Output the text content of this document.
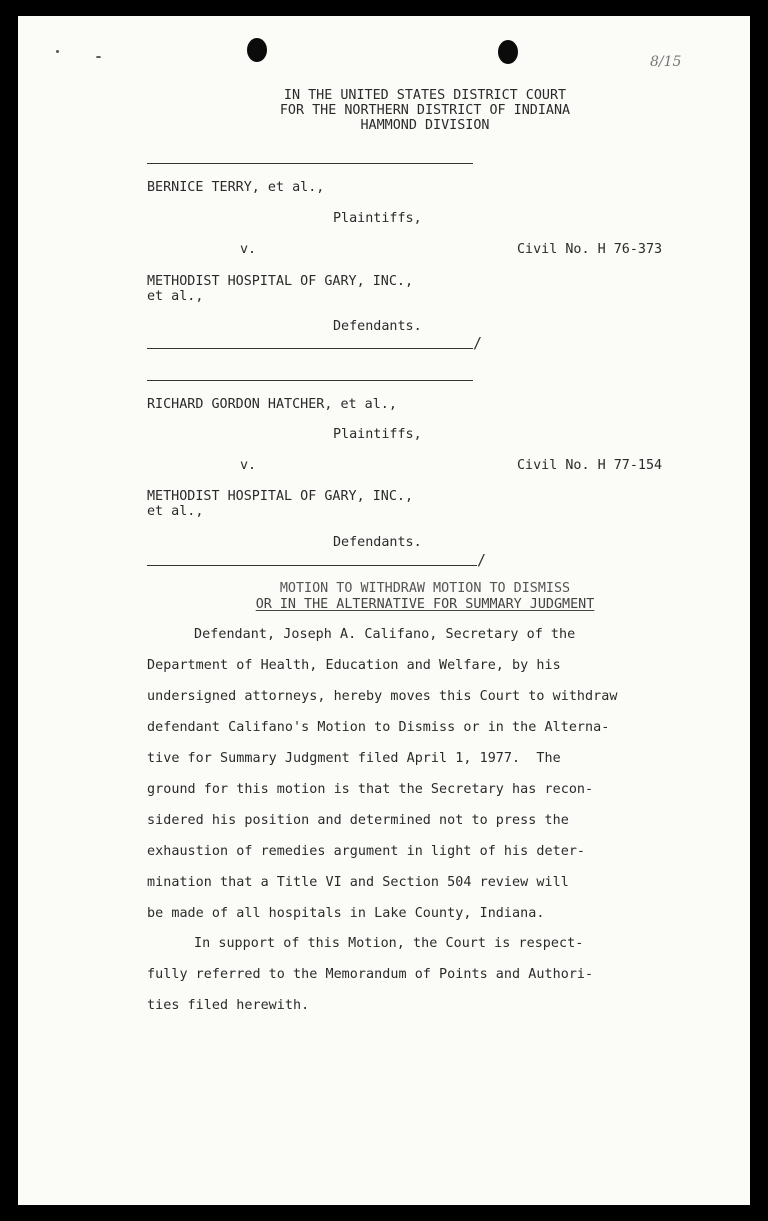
8/15
IN THE UNITED STATES DISTRICT COURT
FOR THE NORTHERN DISTRICT OF INDIANA
HAMMOND DIVISION
BERNICE TERRY, et al.,
Plaintiffs,
v.	Civil No. H 76-373
METHODIST HOSPITAL OF GARY, INC.,
et al.,
Defendants.
/
RICHARD GORDON HATCHER, et al.,
Plaintiffs,
v.	Civil No. H 77-154
METHODIST HOSPITAL OF GARY, INC.,
et al.,
Defendants.
/
MOTION TO WITHDRAW MOTION TO DISMISS
OR IN THE ALTERNATIVE FOR SUMMARY JUDGMENT
Defendant, Joseph A. Califano, Secretary of the
Department of Health, Education and Welfare, by his
undersigned attorneys, hereby moves this Court to withdraw
defendant Califano's Motion to Dismiss or in the Alterna-
tive for Summary Judgment filed April 1, 1977.  The
ground for this motion is that the Secretary has recon-
sidered his position and determined not to press the
exhaustion of remedies argument in light of his deter-
mination that a Title VI and Section 504 review will
be made of all hospitals in Lake County, Indiana.
In support of this Motion, the Court is respect-
fully referred to the Memorandum of Points and Authori-
ties filed herewith.
